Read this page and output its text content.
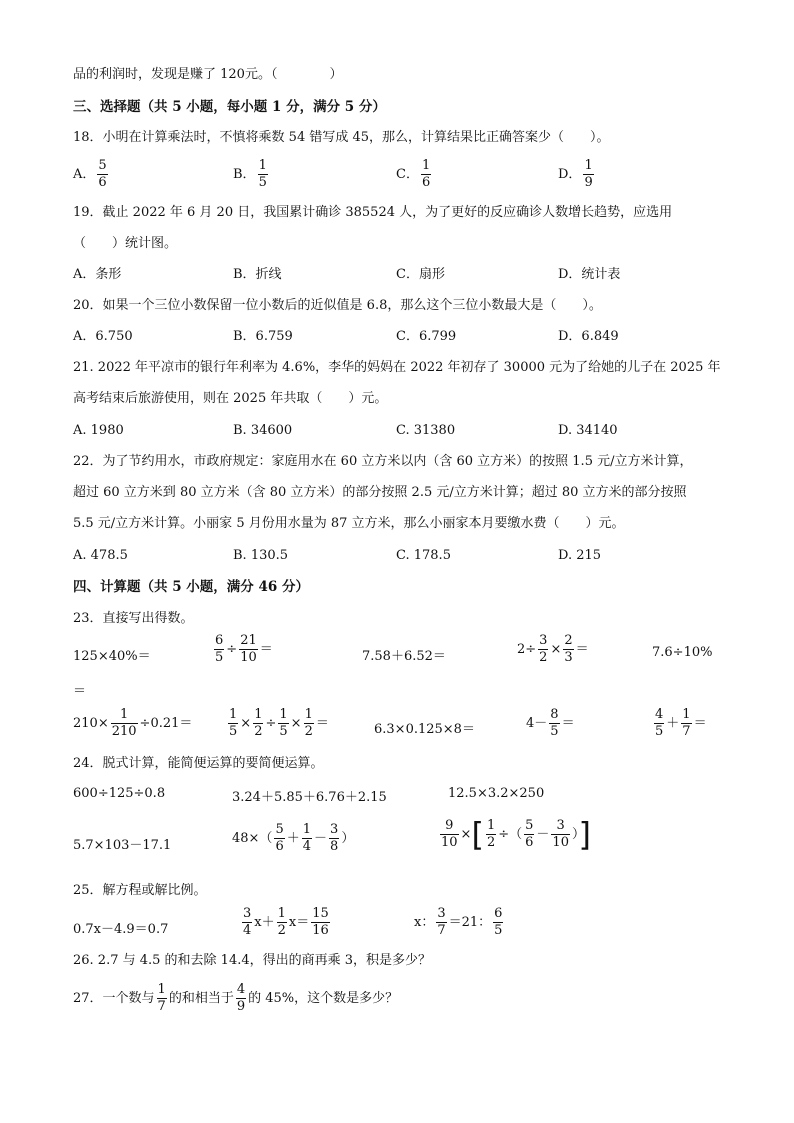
品的利润时，发现是赚了 120元。（　　　　）
三、选择题（共 5 小题，每小题 1 分，满分 5 分）
18．小明在计算乘法时，不慎将乘数 54 错写成 45，那么，计算结果比正确答案少（　　）。
A． $\frac{5}{6}$	B． $\frac{1}{5}$	C． $\frac{1}{6}$	D． $\frac{1}{9}$
19．截止 2022 年 6 月 20 日，我国累计确诊 385524 人，为了更好的反应确诊人数增长趋势，应选用
（　　）统计图。
A．条形	B．折线	C．扇形	D．统计表
20．如果一个三位小数保留一位小数后的近似值是 6.8，那么这个三位小数最大是（　　）。
A．6.750	B．6.759	C．6.799	D．6.849
21. 2022 年平凉市的银行年利率为 4.6%，李华的妈妈在 2022 年初存了 30000 元为了给她的儿子在 2025 年
高考结束后旅游使用，则在 2025 年共取（　　）元。
A. 1980	B. 34600	C. 31380	D. 34140
22．为了节约用水，市政府规定：家庭用水在 60 立方米以内（含 60 立方米）的按照 1.5 元/立方米计算，
超过 60 立方米到 80 立方米（含 80 立方米）的部分按照 2.5 元/立方米计算；超过 80 立方米的部分按照
5.5 元/立方米计算。小丽家 5 月份用水量为 87 立方米，那么小丽家本月要缴水费（　　）元。
A. 478.5	B. 130.5	C. 178.5	D. 215
四、计算题（共 5 小题，满分 46 分）
23．直接写出得数。
125×40%＝	$\frac{6}{5} \div \frac{21}{10}$ ＝	7.58＋6.52＝	$2\div \frac{3}{2} \times \frac{2}{3}$ ＝	7.6÷10%
＝
$210\times \frac{1}{210} \div 0.21=$	$\frac{1}{5} \times \frac{1}{2} \div \frac{1}{5} \times \frac{1}{2}$ ＝	6.3×0.125×8＝	$4- \frac{8}{5}$ ＝	$\frac{4}{5} + \frac{1}{7}$ ＝
24．脱式计算，能简便运算的要简便运算。
600÷125÷0.8	3.24＋5.85＋6.76＋2.15	12.5×3.2×250
5.7×103－17.1	$48\times( \frac{5}{6} + \frac{1}{4} - \frac{3}{8}$ ）	$\frac{9}{10}$ ×[ $\frac{1}{2}$ ÷（ $\frac{5}{6} - \frac{3}{10}$ ）]
25．解方程或解比例。
0.7x－4.9＝0.7	$\frac{3}{4} x+ \frac{1}{2} x= \frac{15}{16}$	x： $\frac{3}{7} =21$： $\frac{6}{5}$
26. 2.7 与 4.5 的和去除 14.4，得出的商再乘 3，积是多少？
27．一个数与 $\frac{1}{7}$ 的和相当于 $\frac{4}{9}$ 的 45%，这个数是多少？
